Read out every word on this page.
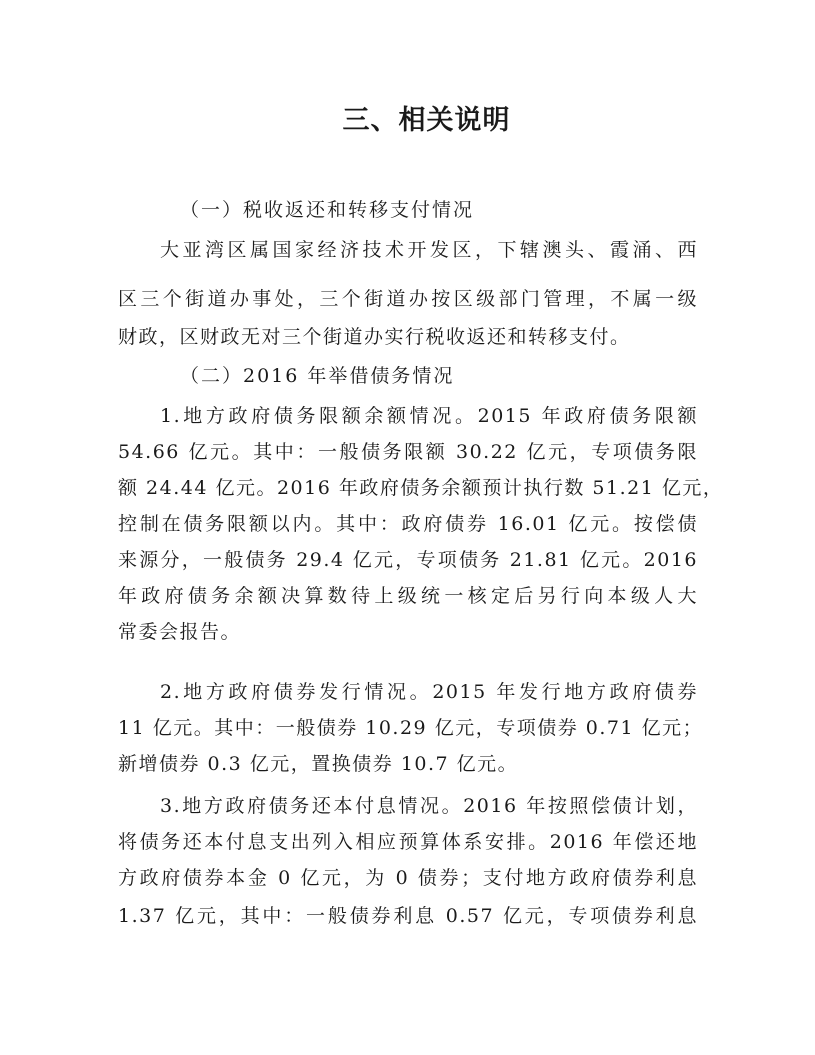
三、相关说明
（一）税收返还和转移支付情况
大亚湾区属国家经济技术开发区，下辖澳头、霞涌、西
区三个街道办事处，三个街道办按区级部门管理，不属一级
财政，区财政无对三个街道办实行税收返还和转移支付。
（二）2016 年举借债务情况
1.地方政府债务限额余额情况。2015 年政府债务限额
54.66 亿元。其中：一般债务限额 30.22 亿元，专项债务限
额 24.44 亿元。2016 年政府债务余额预计执行数 51.21 亿元，
控制在债务限额以内。其中：政府债券 16.01 亿元。按偿债
来源分，一般债务 29.4 亿元，专项债务 21.81 亿元。2016
年政府债务余额决算数待上级统一核定后另行向本级人大
常委会报告。
2.地方政府债券发行情况。2015 年发行地方政府债券
11 亿元。其中：一般债券 10.29 亿元，专项债券 0.71 亿元；
新增债券 0.3 亿元，置换债券 10.7 亿元。
3.地方政府债务还本付息情况。2016 年按照偿债计划，
将债务还本付息支出列入相应预算体系安排。2016 年偿还地
方政府债券本金 0 亿元，为 0 债券；支付地方政府债券利息
1.37 亿元，其中：一般债券利息 0.57 亿元，专项债券利息
